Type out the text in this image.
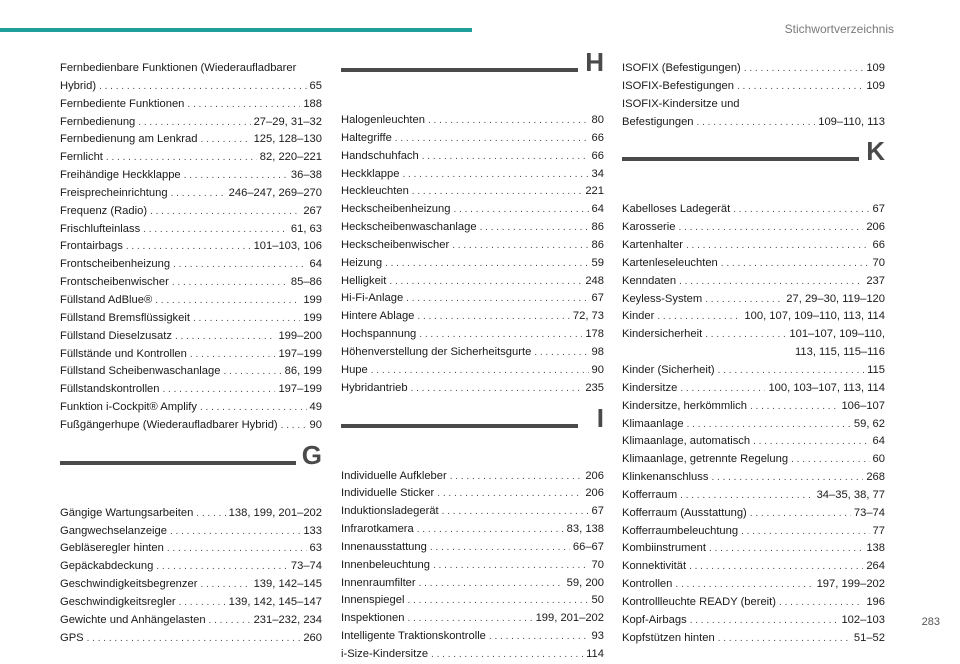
Stichwortverzeichnis
Fernbedienbare Funktionen (Wiederaufladbarer
Hybrid) . . .	65
Fernbediente Funktionen . . .	188
Fernbedienung . . .	27–29, 31–32
Fernbedienung am Lenkrad . . .	125, 128–130
Fernlicht . . .	82, 220–221
Freihändige Heckklappe . . .	36–38
Freisprecheinrichtung . . .	246–247, 269–270
Frequenz (Radio) . . .	267
Frischlufteinlass . . .	61, 63
Frontairbags . . .	101–103, 106
Frontscheibenheizung . . .	64
Frontscheibenwischer . . .	85–86
Füllstand AdBlue® . . .	199
Füllstand Bremsflüssigkeit . . .	199
Füllstand Dieselzusatz . . .	199–200
Füllstände und Kontrollen . . .	197–199
Füllstand Scheibenwaschanlage . . .	86, 199
Füllstandskontrollen . . .	197–199
Funktion i-Cockpit® Amplify . . .	49
Fußgängerhupe (Wiederaufladbarer Hybrid) . . .	90
G
Gängige Wartungsarbeiten . . .	138, 199, 201–202
Gangwechselanzeige . . .	133
Gebläseregler hinten . . .	63
Gepäckabdeckung . . .	73–74
Geschwindigkeitsbegrenzer . . .	139, 142–145
Geschwindigkeitsregler . . .	139, 142, 145–147
Gewichte und Anhängelasten . . .	231–232, 234
GPS . . .	260
H
Halogenleuchten . . .	80
Haltegriffe . . .	66
Handschuhfach . . .	66
Heckklappe . . .	34
Heckleuchten . . .	221
Heckscheibenheizung . . .	64
Heckscheibenwaschanlage . . .	86
Heckscheibenwischer . . .	86
Heizung . . .	59
Helligkeit . . .	248
Hi-Fi-Anlage . . .	67
Hintere Ablage . . .	72, 73
Hochspannung . . .	178
Höhenverstellung der Sicherheitsgurte . . .	98
Hupe . . .	90
Hybridantrieb . . .	235
I
Individuelle Aufkleber . . .	206
Individuelle Sticker . . .	206
Induktionsladegerät . . .	67
Infrarotkamera . . .	83, 138
Innenausstattung . . .	66–67
Innenbeleuchtung . . .	70
Innenraumfilter . . .	59, 200
Innenspiegel . . .	50
Inspektionen . . .	199, 201–202
Intelligente Traktionskontrolle . . .	93
i-Size-Kindersitze . . .	114
ISOFIX (Befestigungen) . . .	109
ISOFIX-Befestigungen . . .	109
ISOFIX-Kindersitze und
Befestigungen . . .	109–110, 113
K
Kabelloses Ladegerät . . .	67
Karosserie . . .	206
Kartenhalter . . .	66
Kartenleseleuchten . . .	70
Kenndaten . . .	237
Keyless-System . . .	27, 29–30, 119–120
Kinder . . .	100, 107, 109–110, 113, 114
Kindersicherheit . . .	101–107, 109–110,
113, 115, 115–116
Kinder (Sicherheit) . . .	115
Kindersitze . . .	100, 103–107, 113, 114
Kindersitze, herkömmlich . . .	106–107
Klimaanlage . . .	59, 62
Klimaanlage, automatisch . . .	64
Klimaanlage, getrennte Regelung . . .	60
Klinkenanschluss . . .	268
Kofferraum . . .	34–35, 38, 77
Kofferraum (Ausstattung) . . .	73–74
Kofferraumbeleuchtung . . .	77
Kombiinstrument . . .	138
Konnektivität . . .	264
Kontrollen . . .	197, 199–202
Kontrollleuchte READY (bereit) . . .	196
Kopf-Airbags . . .	102–103
Kopfstützen hinten . . .	51–52
283
